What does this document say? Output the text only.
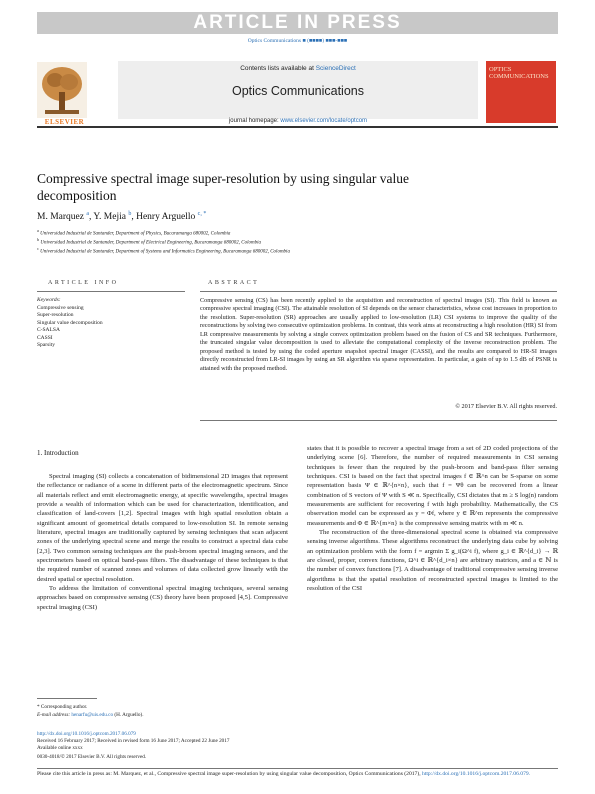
ARTICLE IN PRESS
Optics Communications ■ (■■■■) ■■■-■■■
ELSEVIER
Contents lists available at ScienceDirect
Optics Communications
journal homepage: www.elsevier.com/locate/optcom
OPTICS COMMUNICATIONS
Compressive spectral image super-resolution by using singular value decomposition
M. Marquez $^a$, Y. Mejia $^b$, Henry Arguello $^{c, *}$
$^a$ Universidad Industrial de Santander, Department of Physics, Bucaramanga 680002, Colombia
$^b$ Universidad Industrial de Santander, Department of Electrical Engineering, Bucaramanga 680002, Colombia
$^c$ Universidad Industrial de Santander, Department of Systems and Informatics Engineering, Bucaramanga 680002, Colombia
ARTICLE INFO	ABSTRACT
Keywords:
Compressive sensing
Super-resolution
Singular value decomposition
C-SALSA
CASSI
Sparsity
Compressive sensing (CS) has been recently applied to the acquisition and reconstruction of spectral images (SI). This field is known as compressive spectral imaging (CSI). The attainable resolution of SI depends on the sensor characteristics, whose cost increases in proportion to the resolution. Super-resolution (SR) approaches are usually applied to low-resolution (LR) CSI systems to improve the quality of the reconstructions by solving two consecutive optimization problems. In contrast, this work aims at reconstructing a high resolution (HR) SI from LR compressive measurements by solving a single convex optimization problem based on the fusion of CS and SR techniques. Furthermore, the truncated singular value decomposition is used to alleviate the computational complexity of the inverse reconstruction problem. The proposed method is tested by using the coded aperture snapshot spectral imager (CASSI), and the results are compared to HR-SI images directly reconstructed from LR-SI images by using an SR algorithm via sparse representation. In particular, a gain of up to 1.5 dB of PSNR is attained with the proposed method.
© 2017 Elsevier B.V. All rights reserved.
1. Introduction

Spectral imaging (SI) collects a concatenation of bidimensional 2D images that represent the reflectance or radiance of a scene in different parts of the electromagnetic spectrum. Since all materials reflect and emit electromagnetic energy, at specific wavelengths, spectral images provide a wealth of information which can be used for characterization, identification, and classification of land-covers [1,2]. Spectral images with high spatial resolution obtain a significant amount of geometrical details compared to low-resolution SI. In remote sensing literature, spectral images are traditionally captured by sensing techniques that scan adjacent zones of the underlying spectral scene and merge the results to construct a spectral data cube [2,3]. Two common sensing techniques are the push-broom spectral imaging sensors, and the spectrometers based on optical band-pass filters. The disadvantage of these techniques is that the required number of scanned zones and volumes of data collected grow linearly with the desired spatial or spectral resolution.

To address the limitation of conventional spectral imaging techniques, several sensing approaches based on compressive sensing (CS) theory have been proposed [4,5]. Compressive spectral imaging (CSI)

states that it is possible to recover a spectral image from a set of 2D coded projections of the underlying scene [6]. Therefore, the number of required measurements in CSI sensing techniques is fewer than the required by the push-broom and band-pass filter sensing techniques. CSI is based on the fact that spectral images f ∈ ℝ^n can be S-sparse on some representation basis Ψ ∈ ℝ^{n×n}, such that f = Ψθ can be recovered from a linear combination of S vectors of Ψ with S ≪ n. Specifically, CSI dictates that m ≥ S log(n) random measurements are sufficient for recovering f with high probability. Mathematically, the CS observation model can be expressed as y = Φf, where y ∈ ℝ^m represents the compressive measurements and Φ ∈ ℝ^{m×n} is the compressive sensing matrix with m ≪ n.

The reconstruction of the three-dimensional spectral scene is obtained via compressive sensing inverse algorithms. These algorithms reconstruct the underlying data cube by solving an optimization problem with the form f = argmin Σ g_i(Ω^i f), where g_i ∈ ℝ^{d_i} → ℝ are closed, proper, convex functions, Ω^i ∈ ℝ^{d_i×n} are arbitrary matrices, and a ∈ ℕ is the number of convex functions [7]. A disadvantage of traditional compressive sensing inverse algorithms is that the spatial resolution of reconstructed spectral images is limited to the resolution of the CSI

* Corresponding author.
E-mail address: henarfu@uis.edu.co (H. Arguello).
http://dx.doi.org/10.1016/j.optcom.2017.06.079
Received 16 February 2017; Received in revised form 16 June 2017; Accepted 22 June 2017
Available online xxxx
0030-4018/© 2017 Elsevier B.V. All rights reserved.
Please cite this article in press as: M. Marquez, et al., Compressive spectral image super-resolution by using singular value decomposition, Optics Communications (2017), http://dx.doi.org/10.1016/j.optcom.2017.06.079.
